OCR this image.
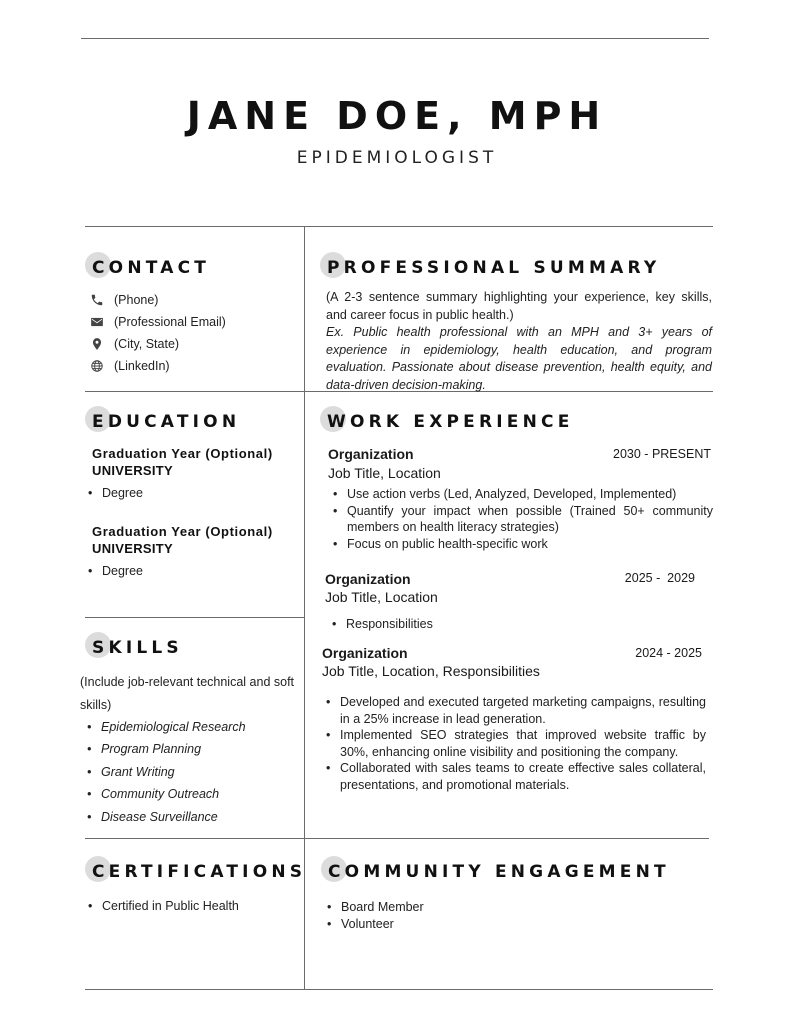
JANE DOE, MPH
EPIDEMIOLOGIST
CONTACT
(Phone)
(Professional Email)
(City, State)
(LinkedIn)
PROFESSIONAL SUMMARY
(A 2-3 sentence summary highlighting your experience, key skills, and career focus in public health.)
Ex. Public health professional with an MPH and 3+ years of experience in epidemiology, health education, and program evaluation. Passionate about disease prevention, health equity, and data-driven decision-making.
EDUCATION
Graduation Year (Optional)
UNIVERSITY
• Degree
Graduation Year (Optional)
UNIVERSITY
• Degree
WORK EXPERIENCE
Organization	2030 - PRESENT
Job Title, Location
• Use action verbs (Led, Analyzed, Developed, Implemented)
• Quantify your impact when possible (Trained 50+ community members on health literacy strategies)
• Focus on public health-specific work
Organization	2025 -  2029
Job Title, Location
• Responsibilities
Organization	2024 - 2025
Job Title, Location, Responsibilities
• Developed and executed targeted marketing campaigns, resulting in a 25% increase in lead generation.
• Implemented SEO strategies that improved website traffic by 30%, enhancing online visibility and positioning the company.
• Collaborated with sales teams to create effective sales collateral, presentations, and promotional materials.
SKILLS
(Include job-relevant technical and soft skills)
• Epidemiological Research
• Program Planning
• Grant Writing
• Community Outreach
• Disease Surveillance
CERTIFICATIONS
• Certified in Public Health
COMMUNITY ENGAGEMENT
• Board Member
• Volunteer
